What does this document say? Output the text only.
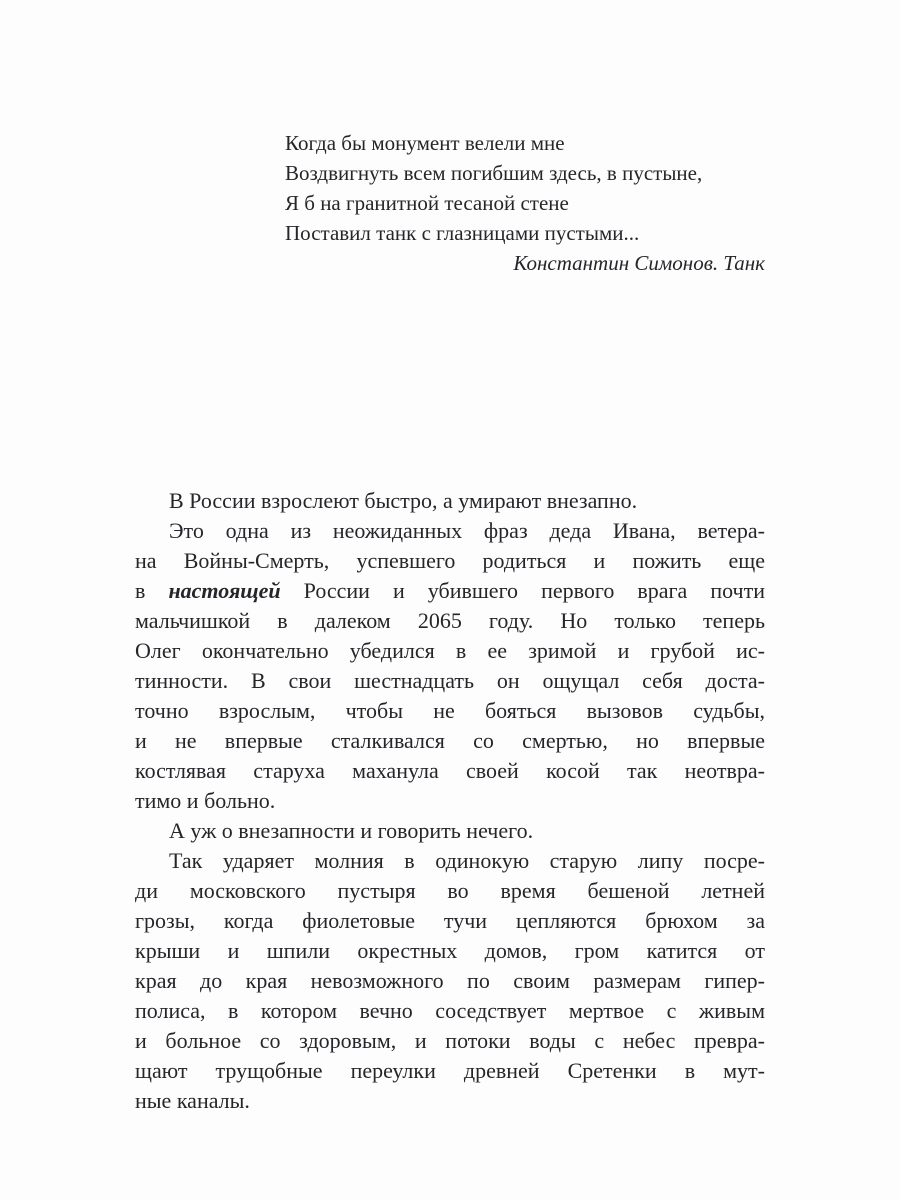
Когда бы монумент велели мне
Воздвигнуть всем погибшим здесь, в пустыне,
Я б на гранитной тесаной стене
Поставил танк с глазницами пустыми...
Константин Симонов. Танк
В России взрослеют быстро, а умирают внезапно.
Это одна из неожиданных фраз деда Ивана, ветера-
на Войны-Смерть, успевшего родиться и пожить еще
в настоящей России и убившего первого врага почти
мальчишкой в далеком 2065 году. Но только теперь
Олег окончательно убедился в ее зримой и грубой ис-
тинности. В свои шестнадцать он ощущал себя доста-
точно взрослым, чтобы не бояться вызовов судьбы,
и не впервые сталкивался со смертью, но впервые
костлявая старуха маханула своей косой так неотвра-
тимо и больно.
А уж о внезапности и говорить нечего.
Так ударяет молния в одинокую старую липу посре-
ди московского пустыря во время бешеной летней
грозы, когда фиолетовые тучи цепляются брюхом за
крыши и шпили окрестных домов, гром катится от
края до края невозможного по своим размерам гипер-
полиса, в котором вечно соседствует мертвое с живым
и больное со здоровым, и потоки воды с небес превра-
щают трущобные переулки древней Сретенки в мут-
ные каналы.
